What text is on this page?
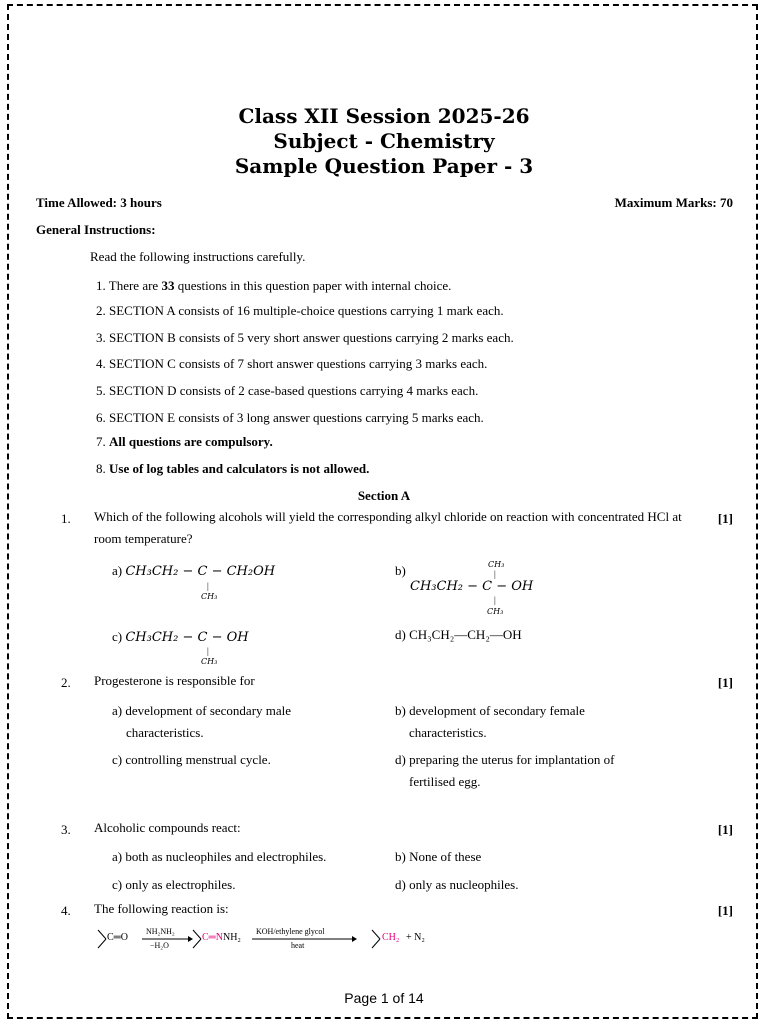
Class XII Session 2025-26
Subject - Chemistry
Sample Question Paper - 3
Time Allowed: 3 hours	Maximum Marks: 70
General Instructions:
Read the following instructions carefully.
1. There are 33 questions in this question paper with internal choice.
2. SECTION A consists of 16 multiple-choice questions carrying 1 mark each.
3. SECTION B consists of 5 very short answer questions carrying 2 marks each.
4. SECTION C consists of 7 short answer questions carrying 3 marks each.
5. SECTION D consists of 2 case-based questions carrying 4 marks each.
6. SECTION E consists of 3 long answer questions carrying 5 marks each.
7. All questions are compulsory.
8. Use of log tables and calculators is not allowed.
Section A
1. Which of the following alcohols will yield the corresponding alkyl chloride on reaction with concentrated HCl at room temperature?
[1]
a) CH₃CH₂ − C − CH₂OH
|
CH₃
b)	CH₃
|
CH₃CH₂ − C − OH
|
CH₃
c) CH₃CH₂ − C − OH
|
CH₃
d) CH₃CH₂—CH₂—OH
2. Progesterone is responsible for	[1]
a) development of secondary male
characteristics.
b) development of secondary female
characteristics.
c) controlling menstrual cycle.	d) preparing the uterus for implantation of
fertilised egg.
3. Alcoholic compounds react:	[1]
a) both as nucleophiles and electrophiles.	b) None of these
c) only as electrophiles.	d) only as nucleophiles.
4. The following reaction is:	[1]
C═O
NH₂NH₂
−H₂O
C═NNH₂
KOH/ethylene glycol
heat
CH₂ + N₂
Page 1 of 14
